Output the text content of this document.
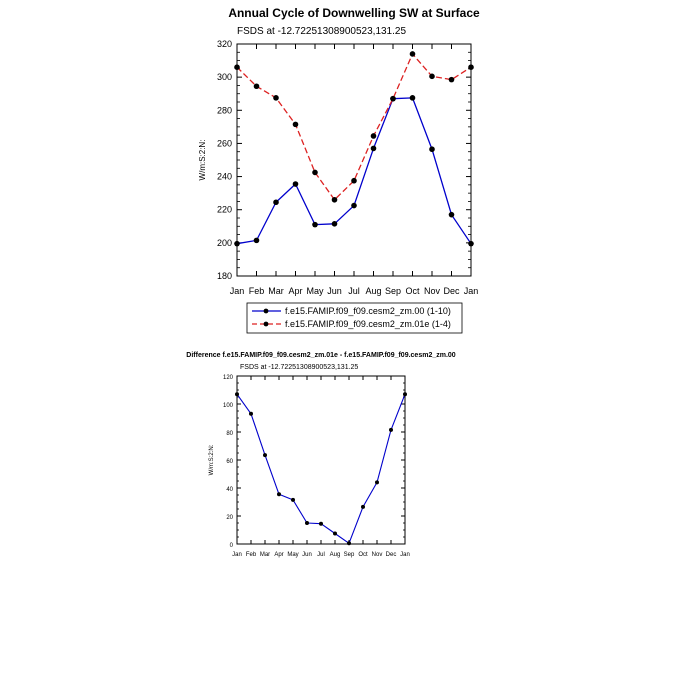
Annual Cycle of Downwelling SW at Surface
FSDS at -12.72251308900523,131.25
180
200
220
240
260
280
300
320
Jan Feb Mar Apr May Jun Jul Aug Sep Oct Nov Dec Jan
W/m:S:2:N:
f.e15.FAMIP.f09_f09.cesm2_zm.00 (1-10)
f.e15.FAMIP.f09_f09.cesm2_zm.01e (1-4)
Difference f.e15.FAMIP.f09_f09.cesm2_zm.01e - f.e15.FAMIP.f09_f09.cesm2_zm.00
FSDS at -12.72251308900523,131.25
0
20
40
60
80
100
120
Jan Feb Mar Apr May Jun Jul Aug Sep Oct Nov Dec Jan
W/m:S:2:N:
